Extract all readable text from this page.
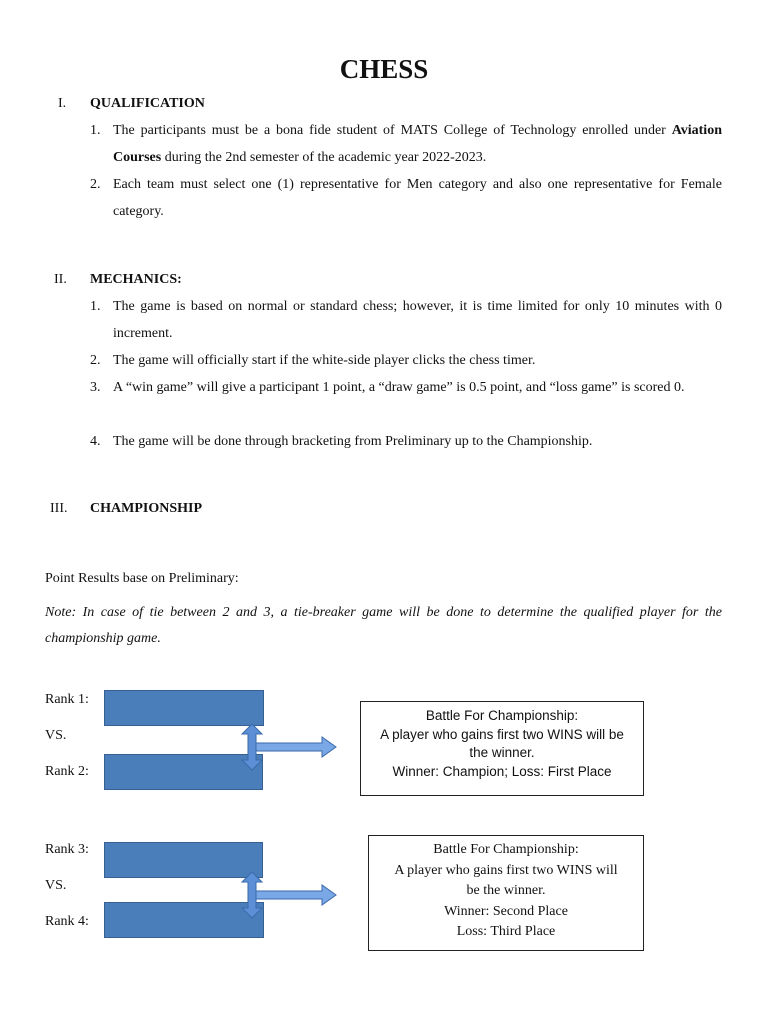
CHESS
I. QUALIFICATION
1. The participants must be a bona fide student of MATS College of Technology enrolled under Aviation Courses during the 2nd semester of the academic year 2022-2023.
2. Each team must select one (1) representative for Men category and also one representative for Female category.
II. MECHANICS:
1. The game is based on normal or standard chess; however, it is time limited for only 10 minutes with 0 increment.
2. The game will officially start if the white-side player clicks the chess timer.
3. A “win game” will give a participant 1 point, a “draw game” is 0.5 point, and “loss game” is scored 0.
4. The game will be done through bracketing from Preliminary up to the Championship.
III. CHAMPIONSHIP
Point Results base on Preliminary:
Note: In case of tie between 2 and 3, a tie-breaker game will be done to determine the qualified player for the championship game.
Rank 1:
VS.
Rank 2:
Battle For Championship:
A player who gains first two WINS will be
the winner.
Winner: Champion; Loss: First Place
Rank 3:
VS.
Rank 4:
Battle For Championship:
A player who gains first two WINS will
be the winner.
Winner: Second Place
Loss: Third Place
